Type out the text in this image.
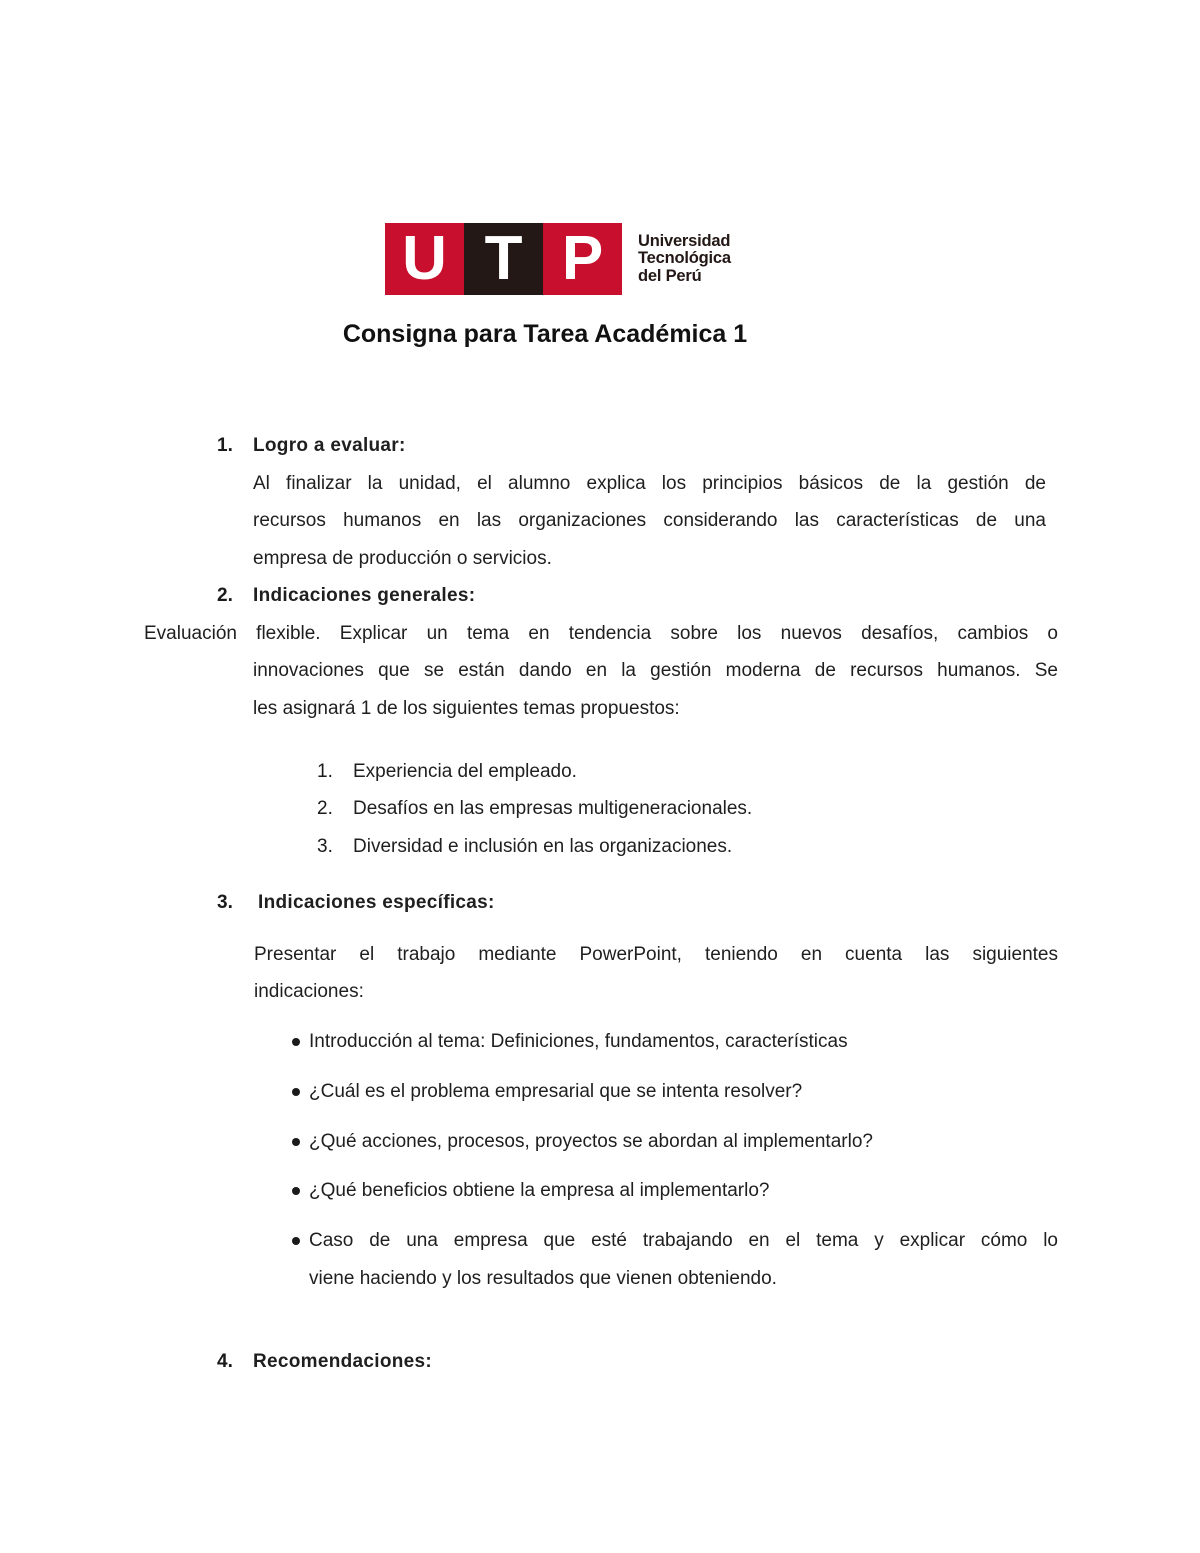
U T P	Universidad
Tecnológica
del Perú
Consigna para Tarea Académica 1
1. Logro a evaluar:
Al finalizar la unidad, el alumno explica los principios básicos de la gestión de
recursos humanos en las organizaciones considerando las características de una
empresa de producción o servicios.
2. Indicaciones generales:
Evaluación flexible. Explicar un tema en tendencia sobre los nuevos desafíos, cambios o
innovaciones que se están dando en la gestión moderna de recursos humanos. Se
les asignará 1 de los siguientes temas propuestos:
1. Experiencia del empleado.
2. Desafíos en las empresas multigeneracionales.
3. Diversidad e inclusión en las organizaciones.
3. Indicaciones específicas:
Presentar el trabajo mediante PowerPoint, teniendo en cuenta las siguientes
indicaciones:
Introducción al tema: Definiciones, fundamentos, características
¿Cuál es el problema empresarial que se intenta resolver?
¿Qué acciones, procesos, proyectos se abordan al implementarlo?
¿Qué beneficios obtiene la empresa al implementarlo?
Caso de una empresa que esté trabajando en el tema y explicar cómo lo
viene haciendo y los resultados que vienen obteniendo.
4. Recomendaciones:
